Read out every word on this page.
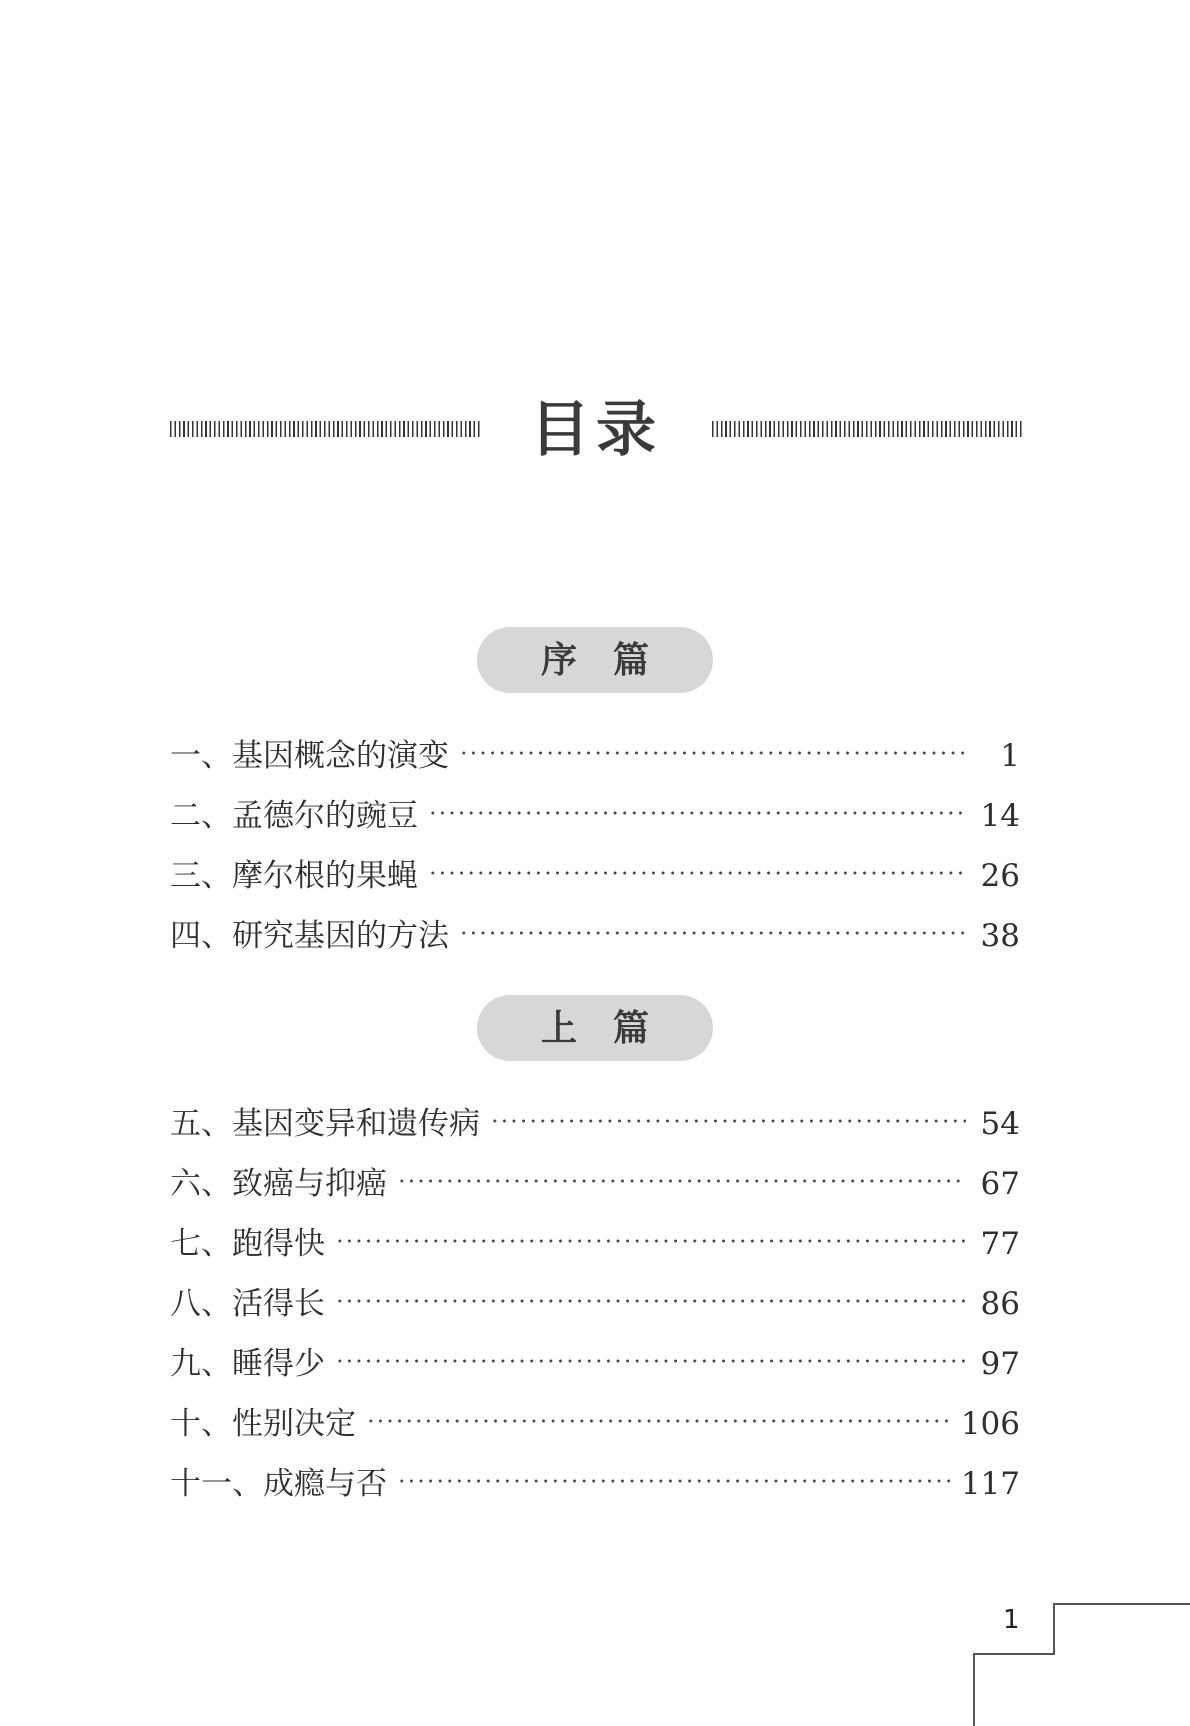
目录
序　篇
一、基因概念的演变	1
二、孟德尔的豌豆	14
三、摩尔根的果蝇	26
四、研究基因的方法	38
上　篇
五、基因变异和遗传病	54
六、致癌与抑癌	67
七、跑得快	77
八、活得长	86
九、睡得少	97
十、性别决定	106
十一、成瘾与否	117
1
